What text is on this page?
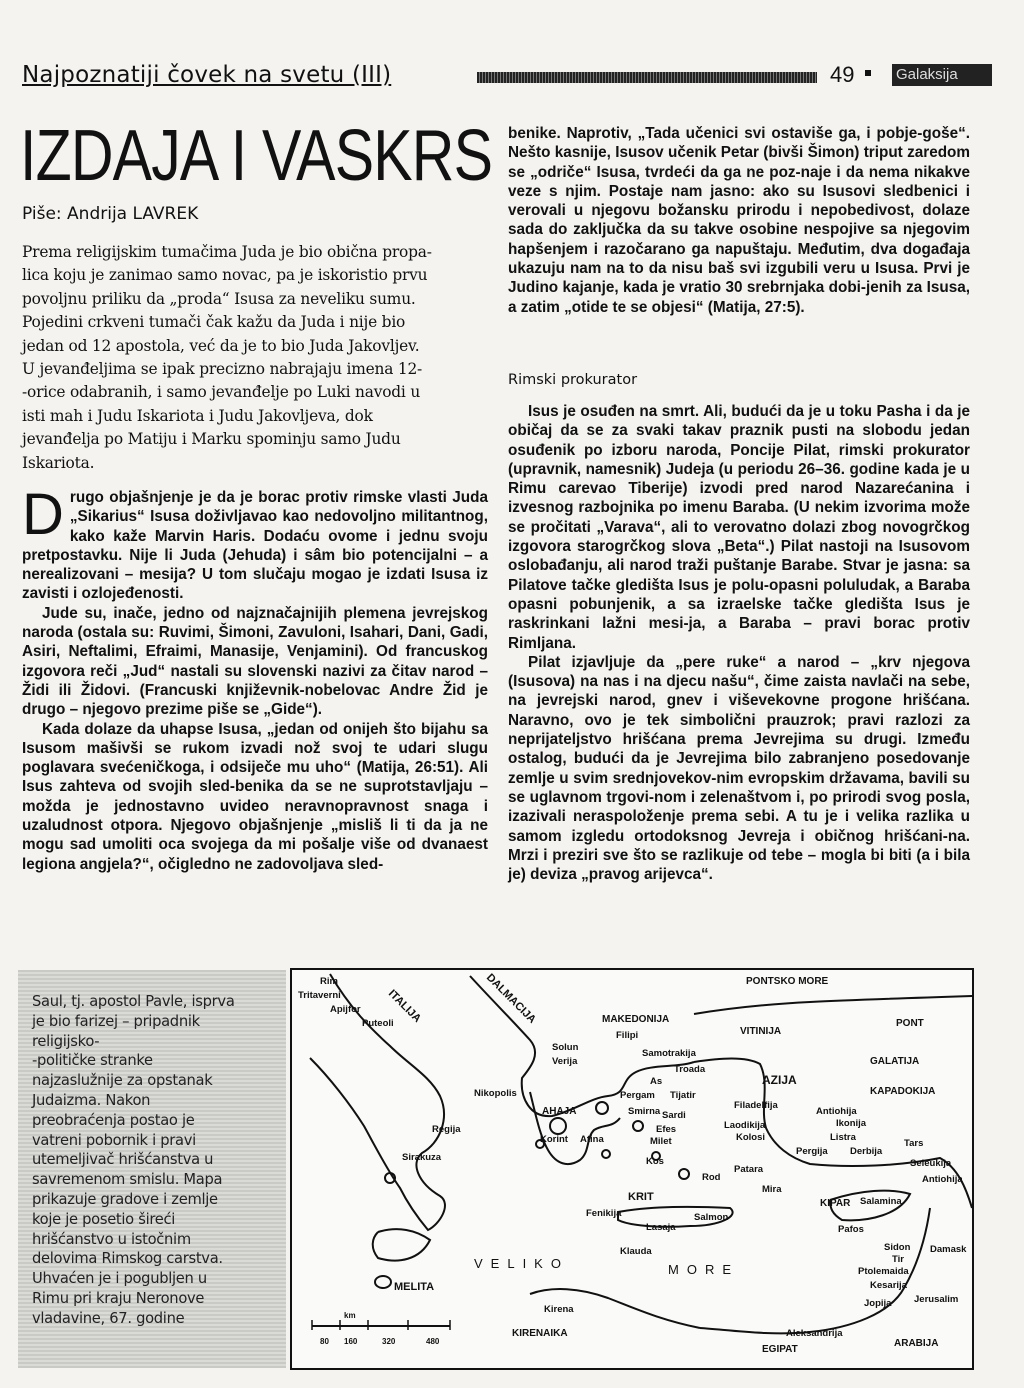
Najpoznatiji čovek na svetu (III)	49	Galaksija
IZDAJA I VASKRS
Piše: Andrija LAVREK
Prema religijskim tumačima Juda je bio obična propa-
lica koju je zanimao samo novac, pa je iskoristio prvu
povoljnu priliku da „proda“ Isusa za neveliku sumu.
Pojedini crkveni tumači čak kažu da Juda i nije bio
jedan od 12 apostola, već da je to bio Juda Jakovljev.
U jevanđeljima se ipak precizno nabrajaju imena 12-
-orice odabranih, i samo jevanđelje po Luki navodi u
isti mah i Judu Iskariota i Judu Jakovljeva, dok
jevanđelja po Matiju i Marku spominju samo Judu
Iskariota.

Drugo objašnjenje je da je borac protiv rimske vlasti Juda „Sikarius“ Isusa doživljavao kao nedovoljno militantnog, kako kaže Marvin Haris. Dodaću ovome i jednu svoju pretpostavku. Nije li Juda (Jehuda) i sâm bio potencijalni – a nerealizovani – mesija? U tom slučaju mogao je izdati Isusa iz zavisti i ozlojeđenosti.

Jude su, inače, jedno od najznačajnijih plemena jevrejskog naroda (ostala su: Ruvimi, Šimoni, Zavuloni, Isahari, Dani, Gadi, Asiri, Neftalimi, Efraimi, Manasije, Venjamini). Od francuskog izgovora reči „Jud“ nastali su slovenski nazivi za čitav narod – Židi ili Židovi. (Francuski književnik-nobelovac Andre Žid je drugo – njegovo prezime piše se „Gide“).

Kada dolaze da uhapse Isusa, „jedan od onijeh što bijahu sa Isusom mašivši se rukom izvadi nož svoj te udari slugu poglavara svećeničkoga, i odsiječe mu uho“ (Matija, 26:51). Ali Isus zahteva od svojih sled-benika da se ne suprotstavljaju – možda je jednostavno uvideo neravnopravnost snaga i uzaludnost otpora. Njegovo objašnjenje „misliš li ti da ja ne mogu sad umoliti oca svojega da mi pošalje više od dvanaest legiona angjela?“, očigledno ne zadovoljava sled-

benike. Naprotiv, „Tada učenici svi ostaviše ga, i pobje-goše“. Nešto kasnije, Isusov učenik Petar (bivši Šimon) triput zaredom se „odriče“ Isusa, tvrdeći da ga ne poz-naje i da nema nikakve veze s njim. Postaje nam jasno: ako su Isusovi sledbenici i verovali u njegovu božansku prirodu i nepobedivost, dolaze sada do zaključka da su takve osobine nespojive sa njegovim hapšenjem i razočarano ga napuštaju. Međutim, dva događaja ukazuju nam na to da nisu baš svi izgubili veru u Isusa. Prvi je Judino kajanje, kada je vratio 30 srebrnjaka dobi-jenih za Isusa, a zatim „otide te se objesi“ (Matija, 27:5).

Rimski prokurator

Isus je osuđen na smrt. Ali, budući da je u toku Pasha i da je običaj da se za svaki takav praznik pusti na slobodu jedan osuđenik po izboru naroda, Poncije Pilat, rimski prokurator (upravnik, namesnik) Judeja (u periodu 26–36. godine kada je u Rimu carevao Tiberije) izvodi pred narod Nazarećanina i izvesnog razbojnika po imenu Baraba. (U nekim izvorima može se pročitati „Varava“, ali to verovatno dolazi zbog novogrčkog izgovora starogrčkog slova „Beta“.) Pilat nastoji na Isusovom oslobađanju, ali narod traži puštanje Barabe. Stvar je jasna: sa Pilatove tačke gledišta Isus je polu-opasni poluludak, a Baraba opasni pobunjenik, a sa izraelske tačke gledišta Isus je raskrinkani lažni mesi-ja, a Baraba – pravi borac protiv Rimljana.

Pilat izjavljuje da „pere ruke“ a narod – „krv njegova (Isusova) na nas i na djecu našu“, čime zaista navlači na sebe, na jevrejski narod, gnev i viševekovne progone hrišćana. Naravno, ovo je tek simbolični prauzrok; pravi razlozi za neprijateljstvo hrišćana prema Jevrejima su drugi. Između ostalog, budući da je Jevrejima bilo zabranjeno posedovanje zemlje u svim srednjovekov-nim evropskim državama, bavili su se uglavnom trgovi-nom i zelenaštvom i, po prirodi svog posla, izazivali neraspoloženje prema sebi. A tu je i velika razlika u samom izgledu ortodoksnog Jevreja i običnog hrišćani-na. Mrzi i preziri sve što se razlikuje od tebe – mogla bi biti (a i bila je) deviza „pravog arijevca“.

Saul, tj. apostol Pavle, isprva
je bio farizej – pripadnik
religijsko-
-političke stranke
najzaslužnije za opstanak
Judaizma. Nakon
preobraćenja postao je
vatreni pobornik i pravi
utemeljivač hrišćanstva u
savremenom smislu. Mapa
prikazuje gradove i zemlje
koje je posetio šireći
hrišćanstvo u istočnim
delovima Rimskog carstva.
Uhvaćen je i pogubljen u
Rimu pri kraju Neronove
vladavine, 67. godine
Rim
Tritaverni
Apijfor
Puteoli
ITALIJA	DALMACIJA	MAKEDONIJA
Filipi
Solun
Verija
Samotrakija
Troada
As
Pergam Tijatir
Smirna Sardi
Efes
Milet
Kos
Rod
Patara
Nikopolis
AHAJA
Korint Atina
Regija
Sirakuza
MELITA
KRIT
Fenikija
Lasaja
Salmon
Klauda
VELIKO	MORE
Kirena
KIRENAIKA
PONTSKO MORE
VITINIJA
PONT
GALATIJA
KAPADOKIJA
AZIJA
Filadelfija
Laodikija
Kolosi
Antiohija
Ikonija
Listra
Derbija
Pergija
Tars
Antiohija
Seleukija
Mira
KIPAR Salamina
Pafos
Sidon
Tir
Damask
Ptolemaida
Kesarija
Jopija Jerusalim
Aleksandrija
EGIPAT
ARABIJA
km
80 160	320	480
